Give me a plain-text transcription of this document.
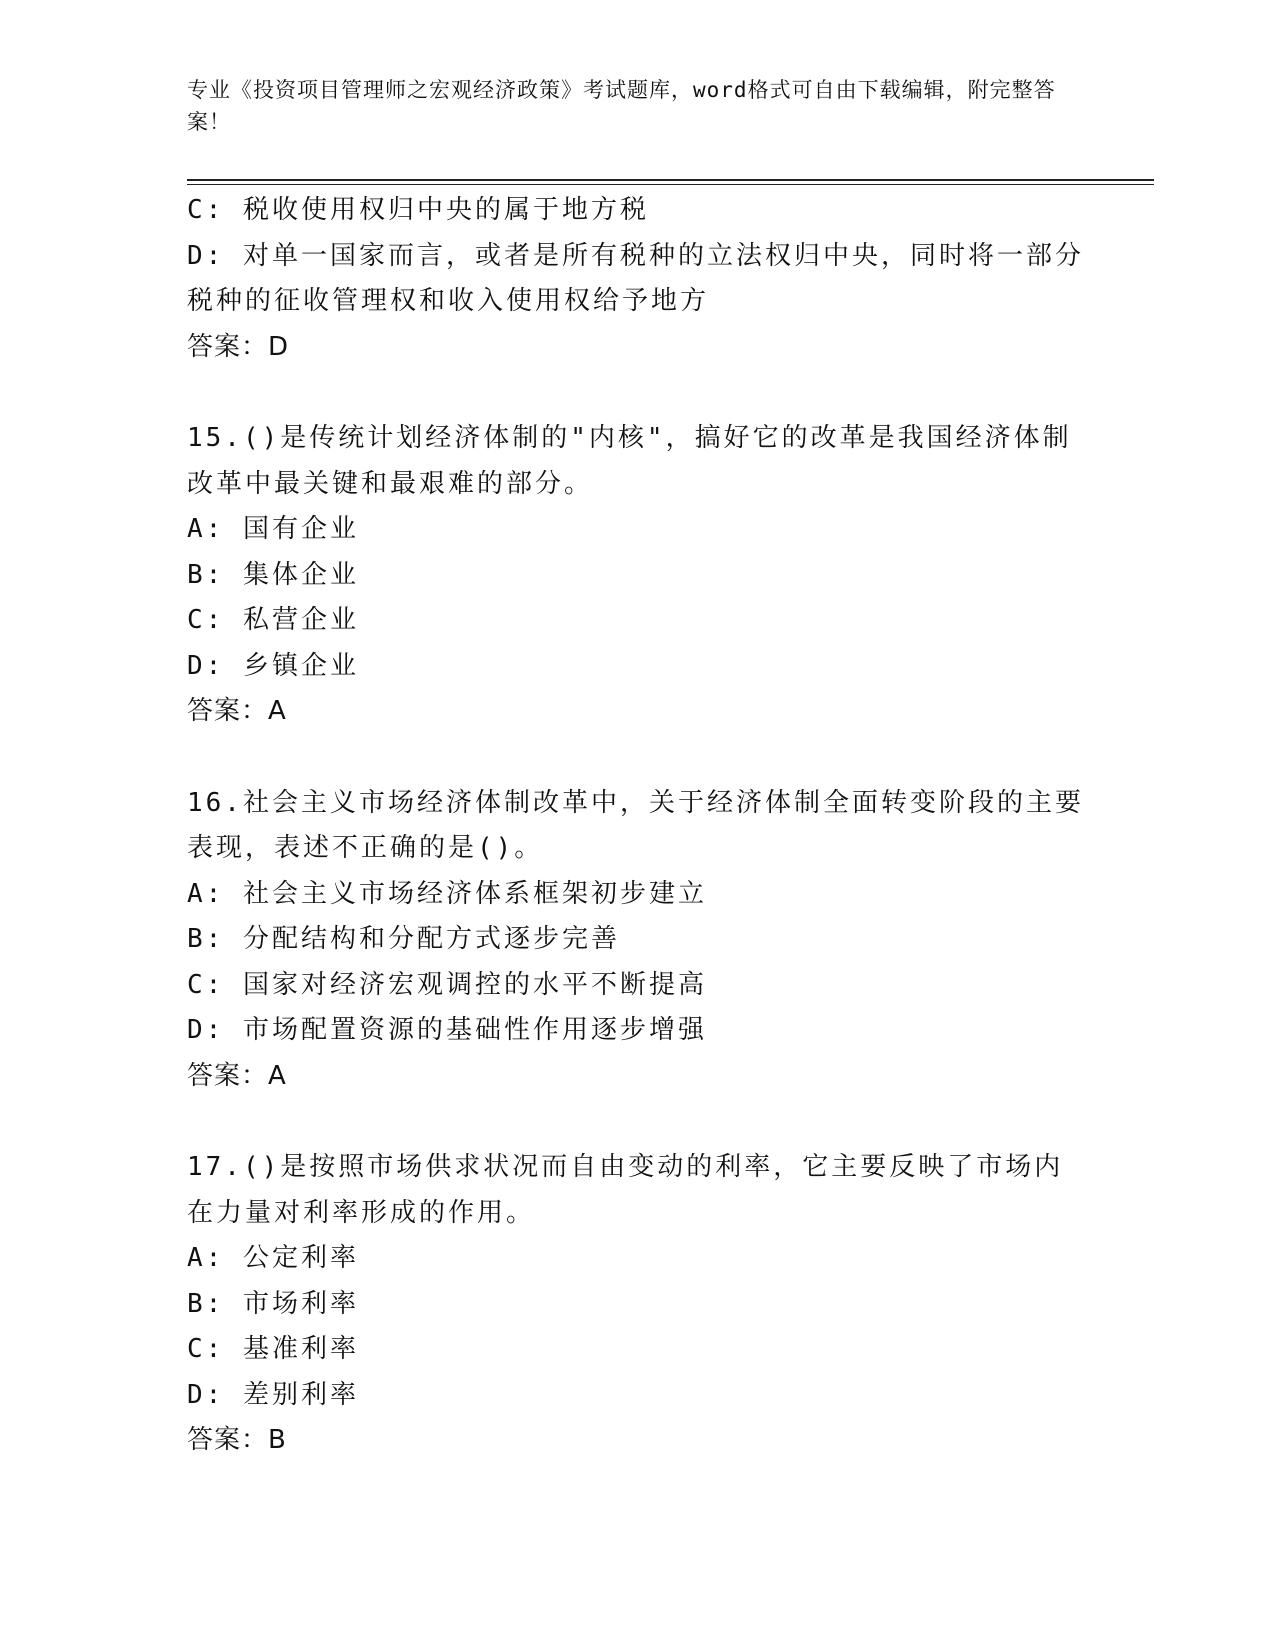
专业《投资项目管理师之宏观经济政策》考试题库，word格式可自由下载编辑，附完整答案！
C: 税收使用权归中央的属于地方税
D: 对单一国家而言，或者是所有税种的立法权归中央，同时将一部分税种的征收管理权和收入使用权给予地方
答案：D
15.()是传统计划经济体制的"内核"，搞好它的改革是我国经济体制改革中最关键和最艰难的部分。
A: 国有企业
B: 集体企业
C: 私营企业
D: 乡镇企业
答案：A
16.社会主义市场经济体制改革中，关于经济体制全面转变阶段的主要表现，表述不正确的是()。
A: 社会主义市场经济体系框架初步建立
B: 分配结构和分配方式逐步完善
C: 国家对经济宏观调控的水平不断提高
D: 市场配置资源的基础性作用逐步增强
答案：A
17.()是按照市场供求状况而自由变动的利率，它主要反映了市场内在力量对利率形成的作用。
A: 公定利率
B: 市场利率
C: 基准利率
D: 差别利率
答案：B
